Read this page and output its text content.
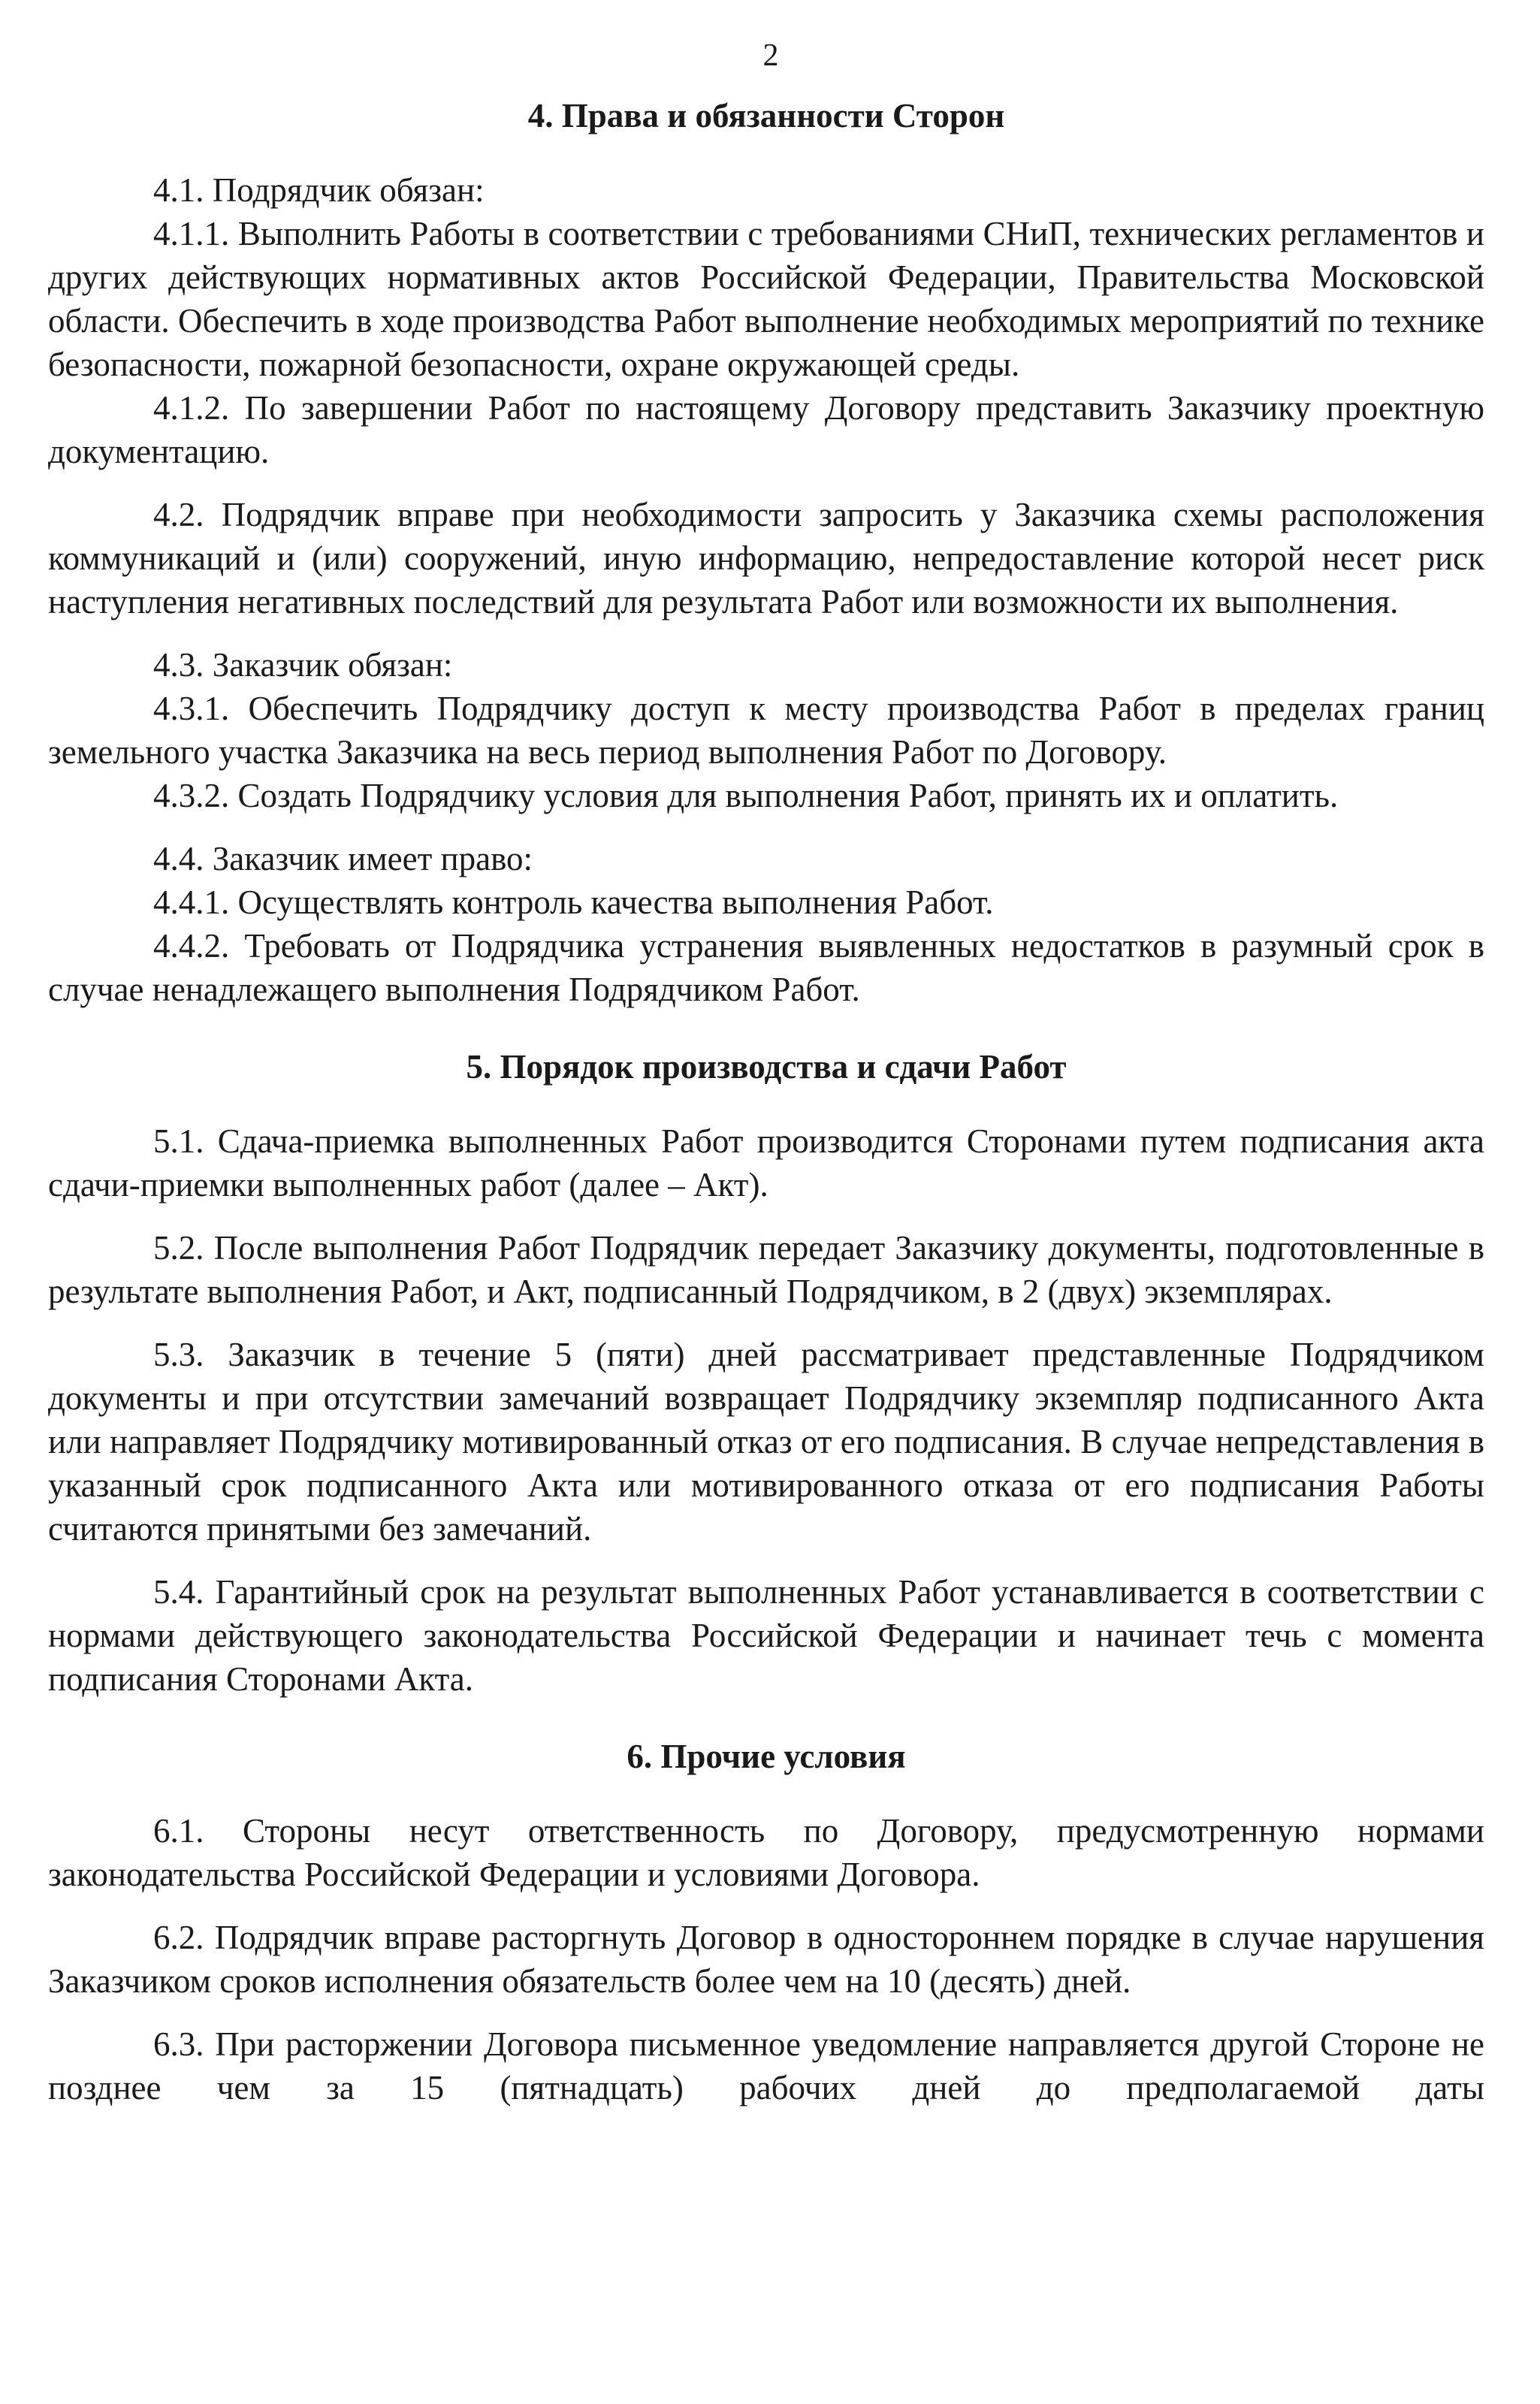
2
4. Права и обязанности Сторон

4.1. Подрядчик обязан:

4.1.1. Выполнить Работы в соответствии с требованиями СНиП, технических регламентов и других действующих нормативных актов Российской Федерации, Правительства Московской области. Обеспечить в ходе производства Работ выполнение необходимых мероприятий по технике безопасности, пожарной безопасности, охране окружающей среды.

4.1.2. По завершении Работ по настоящему Договору представить Заказчику проектную документацию.

4.2. Подрядчик вправе при необходимости запросить у Заказчика схемы расположения коммуникаций и (или) сооружений, иную информацию, непредоставление которой несет риск наступления негативных последствий для результата Работ или возможности их выполнения.

4.3. Заказчик обязан:

4.3.1. Обеспечить Подрядчику доступ к месту производства Работ в пределах границ земельного участка Заказчика на весь период выполнения Работ по Договору.

4.3.2. Создать Подрядчику условия для выполнения Работ, принять их и оплатить.

4.4. Заказчик имеет право:

4.4.1. Осуществлять контроль качества выполнения Работ.

4.4.2. Требовать от Подрядчика устранения выявленных недостатков в разумный срок в случае ненадлежащего выполнения Подрядчиком Работ.

5. Порядок производства и сдачи Работ

5.1. Сдача-приемка выполненных Работ производится Сторонами путем подписания акта сдачи-приемки выполненных работ (далее – Акт).

5.2. После выполнения Работ Подрядчик передает Заказчику документы, подготовленные в результате выполнения Работ, и Акт, подписанный Подрядчиком, в 2 (двух) экземплярах.

5.3. Заказчик в течение 5 (пяти) дней рассматривает представленные Подрядчиком документы и при отсутствии замечаний возвращает Подрядчику экземпляр подписанного Акта или направляет Подрядчику мотивированный отказ от его подписания. В случае непредставления в указанный срок подписанного Акта или мотивированного отказа от его подписания Работы считаются принятыми без замечаний.

5.4. Гарантийный срок на результат выполненных Работ устанавливается в соответствии с нормами действующего законодательства Российской Федерации и начинает течь с момента подписания Сторонами Акта.

6. Прочие условия

6.1. Стороны несут ответственность по Договору, предусмотренную нормами законодательства Российской Федерации и условиями Договора.

6.2. Подрядчик вправе расторгнуть Договор в одностороннем порядке в случае нарушения Заказчиком сроков исполнения обязательств более чем на 10 (десять) дней.

6.3. При расторжении Договора письменное уведомление направляется другой Стороне не позднее чем за 15 (пятнадцать) рабочих дней до предполагаемой даты
